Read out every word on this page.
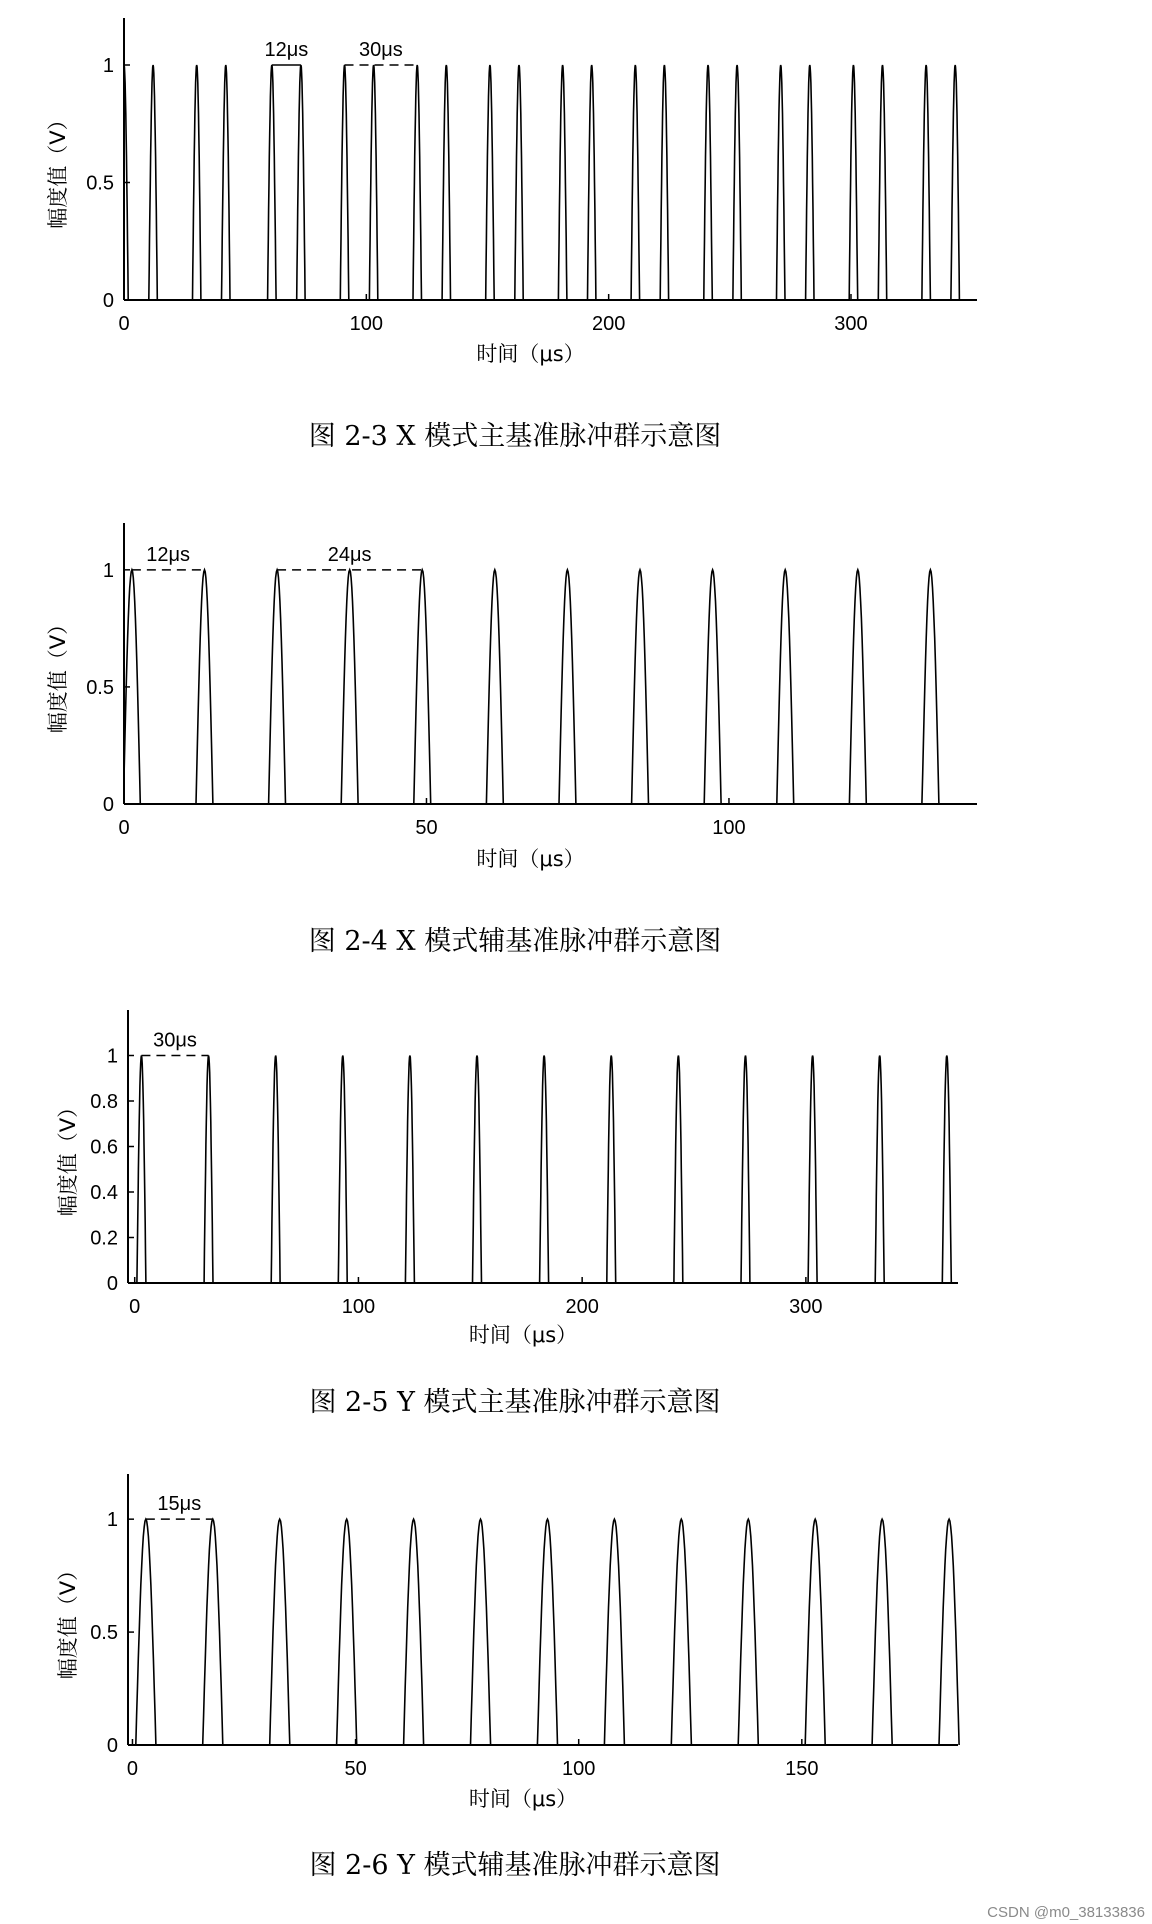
0
0.5
1
0	100	200	300
12μs	30μs
时间（μs）
幅度值（V）
图 2-3 X 模式主基准脉冲群示意图
0
0.5
1
0	50	100
12μs	24μs
时间（μs）
幅度值（V）
图 2-4 X 模式辅基准脉冲群示意图
0
0.2
0.4
0.6
0.8
1
0	100	200	300
30μs
时间（μs）
幅度值（V）
图 2-5 Y 模式主基准脉冲群示意图
0
0.5
1
0	50	100	150
15μs
时间（μs）
幅度值（V）
图 2-6 Y 模式辅基准脉冲群示意图
CSDN @m0_38133836
